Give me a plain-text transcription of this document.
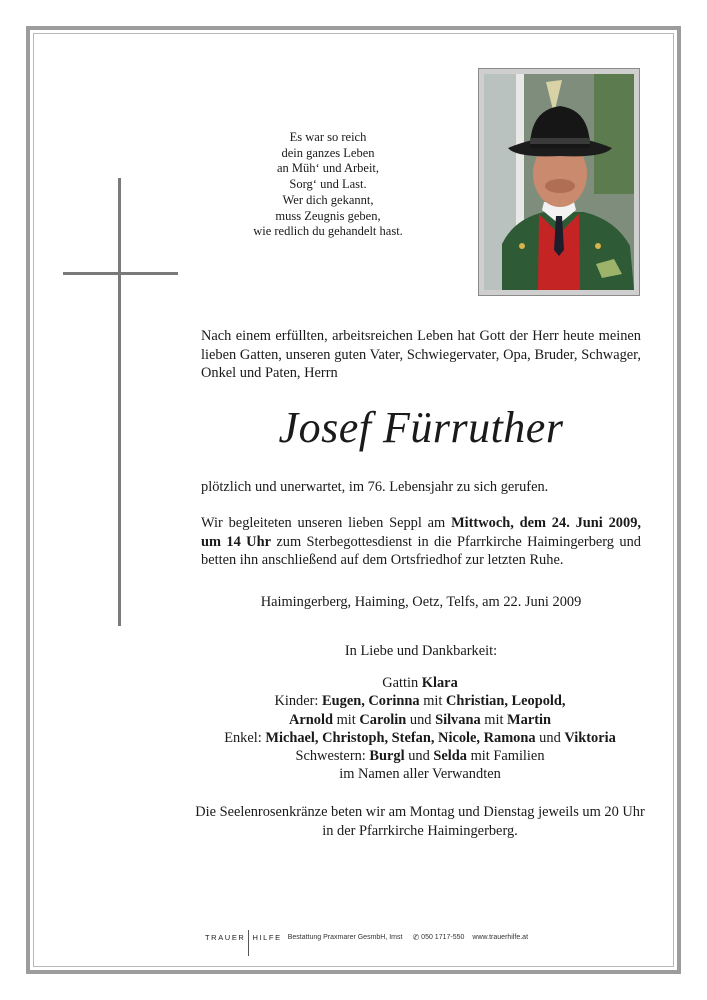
Es war so reich
dein ganzes Leben
an Müh‘ und Arbeit,
Sorg‘ und Last.
Wer dich gekannt,
muss Zeugnis geben,
wie redlich du gehandelt hast.
Nach einem erfüllten, arbeitsreichen Leben hat Gott der Herr heute meinen lieben Gatten, unseren guten Vater, Schwiegervater, Opa, Bruder, Schwager, Onkel und Paten, Herrn
Josef Fürruther
plötzlich und unerwartet, im 76. Lebensjahr zu sich gerufen.
Wir begleiteten unseren lieben Seppl am Mittwoch, dem 24. Juni 2009, um 14 Uhr zum Sterbegottesdienst in die Pfarrkirche Haimingerberg und betten ihn anschließend auf dem Ortsfriedhof zur letzten Ruhe.
Haimingerberg, Haiming, Oetz, Telfs, am 22. Juni 2009
In Liebe und Dankbarkeit:
Gattin Klara
Kinder: Eugen, Corinna mit Christian, Leopold,
Arnold mit Carolin und Silvana mit Martin
Enkel: Michael, Christoph, Stefan, Nicole, Ramona und Viktoria
Schwestern: Burgl und Selda mit Familien
im Namen aller Verwandten
Die Seelenrosenkränze beten wir am Montag und Dienstag jeweils um 20 Uhr in der Pfarrkirche Haimingerberg.
TRAUER HILFE Bestattung Praxmarer GesmbH, Imst ✆ 050 1717-550 www.trauerhilfe.at
